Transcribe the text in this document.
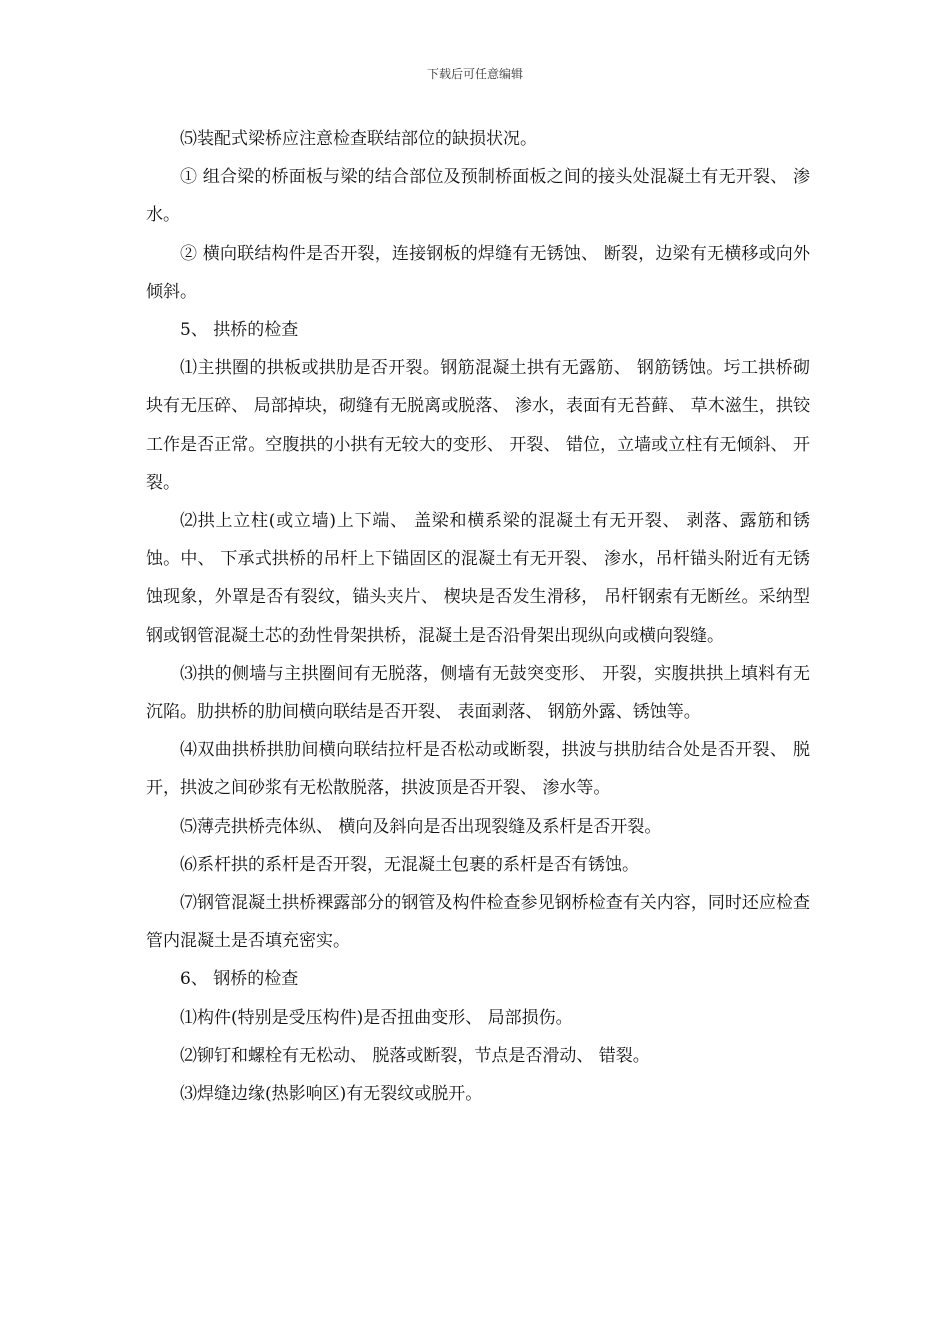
下载后可任意编辑

⑸装配式梁桥应注意检查联结部位的缺损状况。

① 组合梁的桥面板与梁的结合部位及预制桥面板之间的接头处混凝土有无开裂、 渗水。

② 横向联结构件是否开裂，连接钢板的焊缝有无锈蚀、 断裂，边梁有无横移或向外倾斜。

5、 拱桥的检查

⑴主拱圈的拱板或拱肋是否开裂。钢筋混凝土拱有无露筋、 钢筋锈蚀。圬工拱桥砌块有无压碎、 局部掉块，砌缝有无脱离或脱落、 渗水，表面有无苔藓、 草木滋生，拱铰工作是否正常。空腹拱的小拱有无较大的变形、 开裂、 错位，立墙或立柱有无倾斜、 开裂。

⑵拱上立柱(或立墙)上下端、 盖梁和横系梁的混凝土有无开裂、 剥落、露筋和锈蚀。中、 下承式拱桥的吊杆上下锚固区的混凝土有无开裂、 渗水，吊杆锚头附近有无锈蚀现象，外罩是否有裂纹，锚头夹片、 楔块是否发生滑移， 吊杆钢索有无断丝。采纳型钢或钢管混凝土芯的劲性骨架拱桥，混凝土是否沿骨架出现纵向或横向裂缝。

⑶拱的侧墙与主拱圈间有无脱落，侧墙有无鼓突变形、 开裂，实腹拱拱上填料有无沉陷。肋拱桥的肋间横向联结是否开裂、 表面剥落、 钢筋外露、锈蚀等。

⑷双曲拱桥拱肋间横向联结拉杆是否松动或断裂，拱波与拱肋结合处是否开裂、 脱开，拱波之间砂浆有无松散脱落，拱波顶是否开裂、 渗水等。

⑸薄壳拱桥壳体纵、 横向及斜向是否出现裂缝及系杆是否开裂。

⑹系杆拱的系杆是否开裂，无混凝土包裹的系杆是否有锈蚀。

⑺钢管混凝土拱桥裸露部分的钢管及构件检查参见钢桥检查有关内容，同时还应检查管内混凝土是否填充密实。

6、 钢桥的检查

⑴构件(特别是受压构件)是否扭曲变形、 局部损伤。

⑵铆钉和螺栓有无松动、 脱落或断裂，节点是否滑动、 错裂。

⑶焊缝边缘(热影响区)有无裂纹或脱开。
